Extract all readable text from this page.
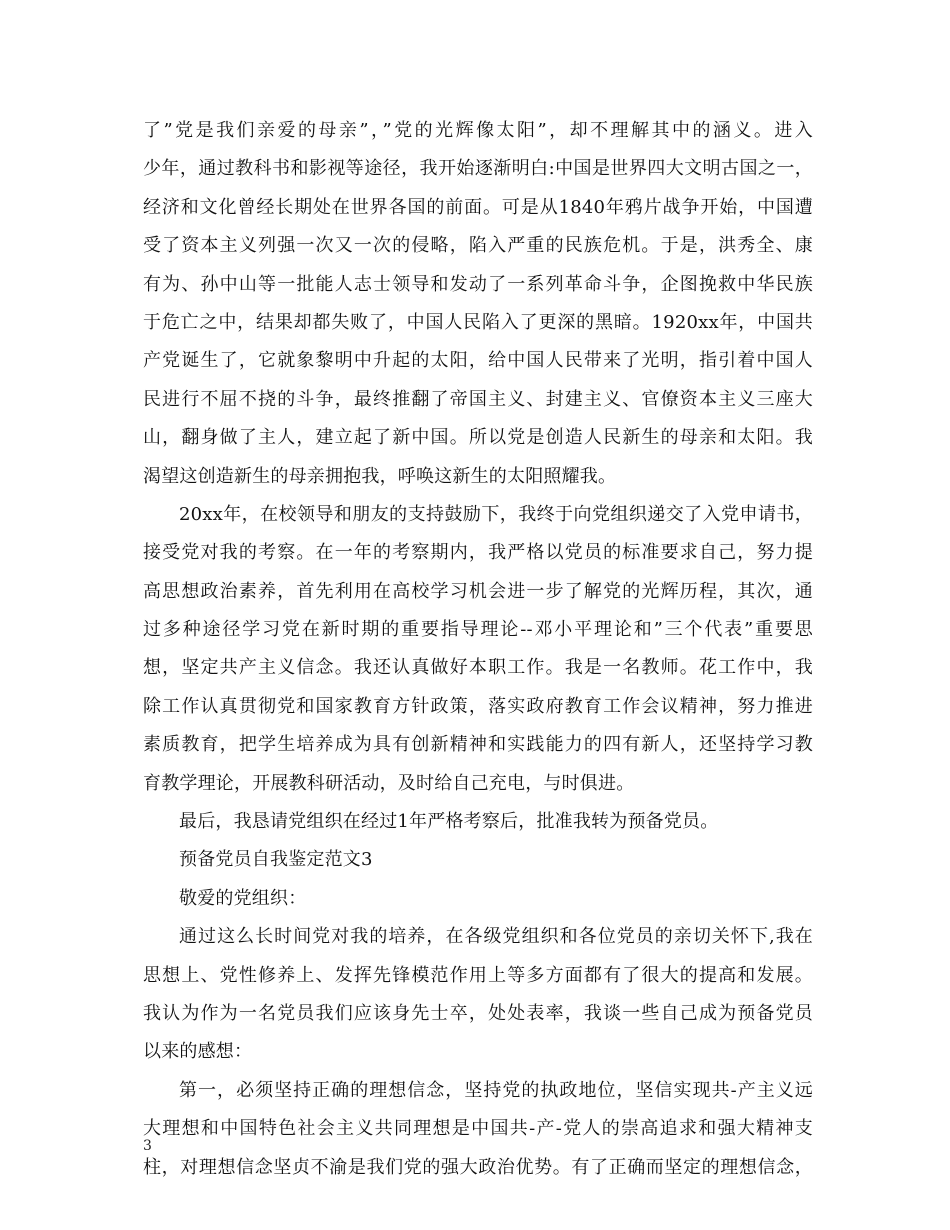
了”党是我们亲爱的母亲”，”党的光辉像太阳”，却不理解其中的涵义。进入
少年，通过教科书和影视等途径，我开始逐渐明白:中国是世界四大文明古国之一，
经济和文化曾经长期处在世界各国的前面。可是从1840年鸦片战争开始，中国遭
受了资本主义列强一次又一次的侵略，陷入严重的民族危机。于是，洪秀全、康
有为、孙中山等一批能人志士领导和发动了一系列革命斗争，企图挽救中华民族
于危亡之中，结果却都失败了，中国人民陷入了更深的黑暗。1920xx年，中国共
产党诞生了，它就象黎明中升起的太阳，给中国人民带来了光明，指引着中国人
民进行不屈不挠的斗争，最终推翻了帝国主义、封建主义、官僚资本主义三座大
山，翻身做了主人，建立起了新中国。所以党是创造人民新生的母亲和太阳。我
渴望这创造新生的母亲拥抱我，呼唤这新生的太阳照耀我。
20xx年，在校领导和朋友的支持鼓励下，我终于向党组织递交了入党申请书，
接受党对我的考察。在一年的考察期内，我严格以党员的标准要求自己，努力提
高思想政治素养，首先利用在高校学习机会进一步了解党的光辉历程，其次，通
过多种途径学习党在新时期的重要指导理论--邓小平理论和”三个代表”重要思
想，坚定共产主义信念。我还认真做好本职工作。我是一名教师。花工作中，我
除工作认真贯彻党和国家教育方针政策，落实政府教育工作会议精神，努力推进
素质教育，把学生培养成为具有创新精神和实践能力的四有新人，还坚持学习教
育教学理论，开展教科研活动，及时给自己充电，与时俱进。
最后，我恳请党组织在经过1年严格考察后，批准我转为预备党员。
预备党员自我鉴定范文3
敬爱的党组织：
通过这么长时间党对我的培养，在各级党组织和各位党员的亲切关怀下,我在
思想上、党性修养上、发挥先锋模范作用上等多方面都有了很大的提高和发展。
我认为作为一名党员我们应该身先士卒，处处表率，我谈一些自己成为预备党员
以来的感想：
第一，必须坚持正确的理想信念，坚持党的执政地位，坚信实现共-产主义远
大理想和中国特色社会主义共同理想是中国共-产-党人的崇高追求和强大精神支
柱，对理想信念坚贞不渝是我们党的强大政治优势。有了正确而坚定的理想信念，
3
